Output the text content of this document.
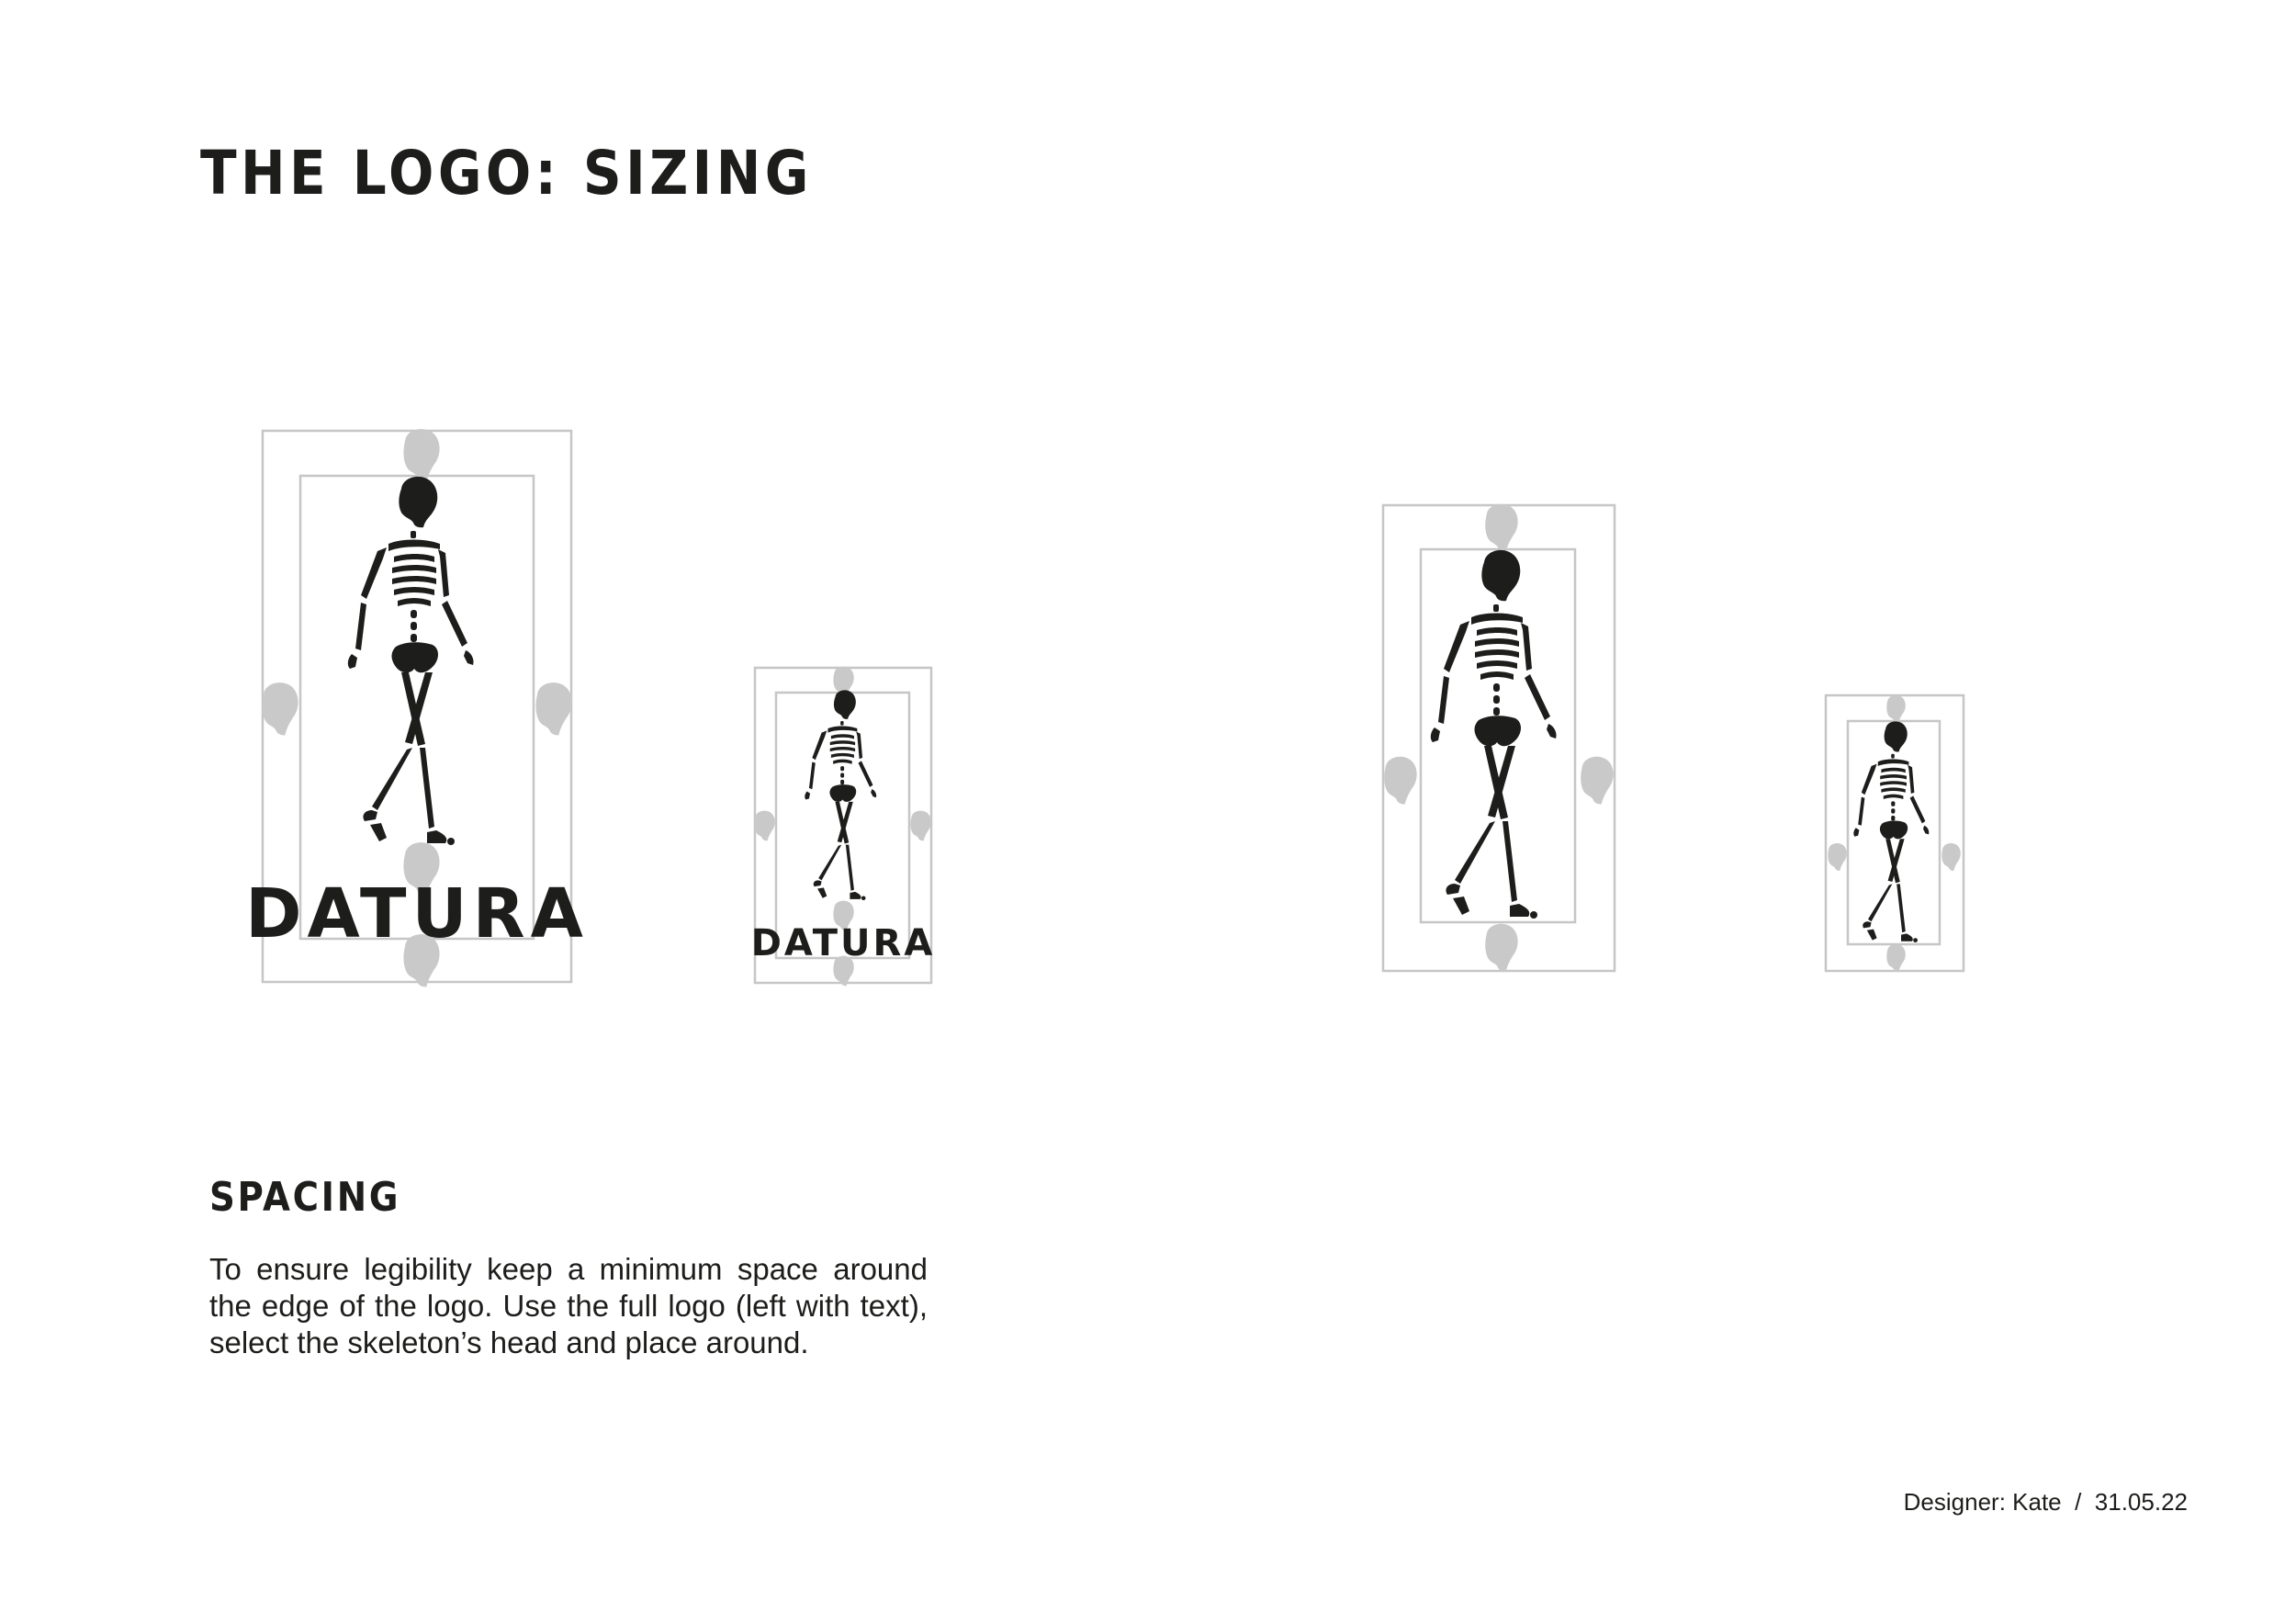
THE LOGO: SIZING
DATURA	DATURA
SPACING

To ensure legibility keep a minimum space around the edge of the logo. Use the full logo (left with text), select the skeleton’s head and place around.

Designer: Kate / 31.05.22
